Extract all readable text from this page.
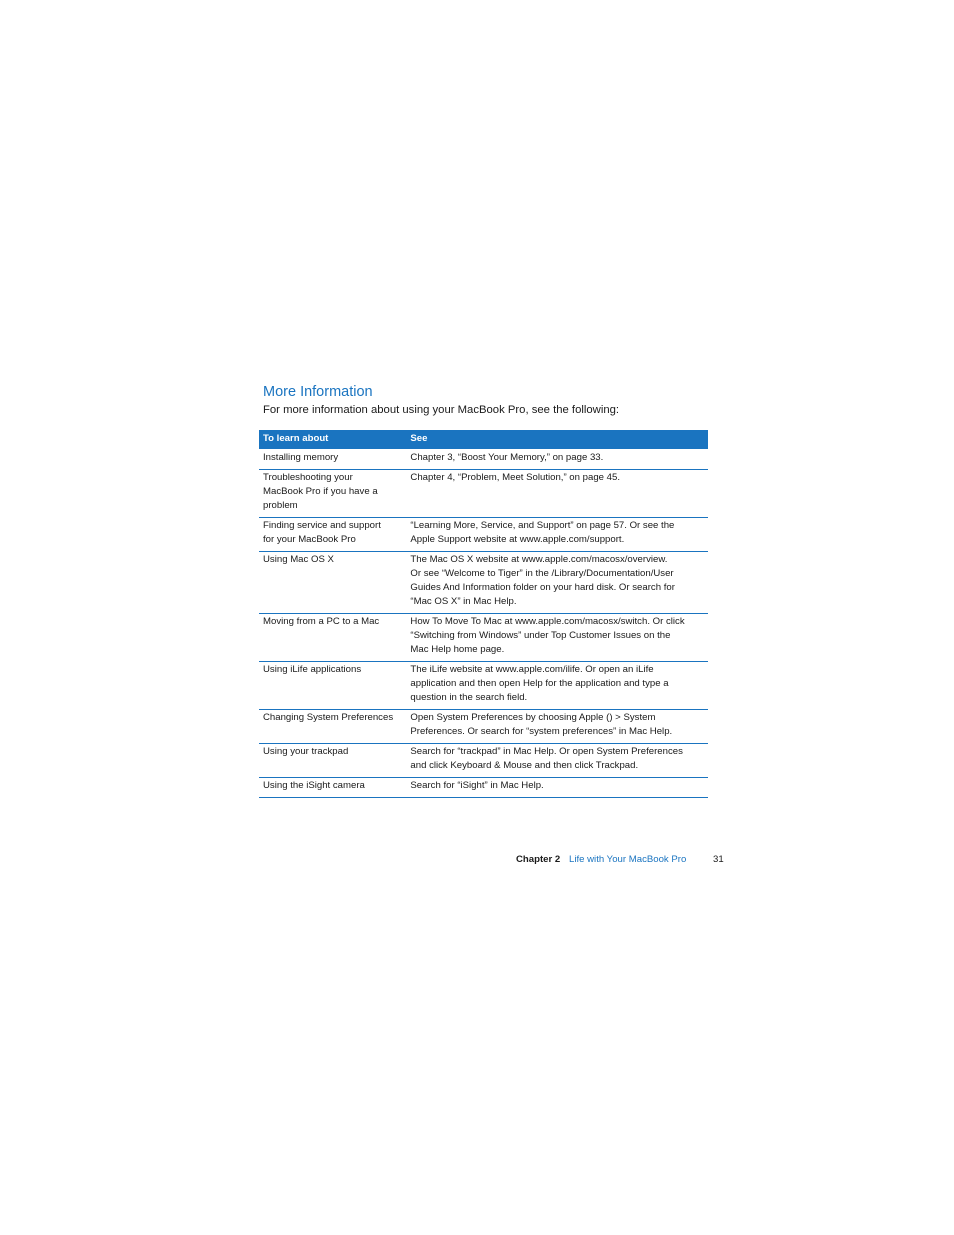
More Information

For more information about using your MacBook Pro, see the following:

To learn about	See
Installing memory	Chapter 3, “Boost Your Memory,” on page 33.
Troubleshooting your
MacBook Pro if you have a
problem	Chapter 4, “Problem, Meet Solution,” on page 45.
Finding service and support
for your MacBook Pro	“Learning More, Service, and Support” on page 57. Or see the
Apple Support website at www.apple.com/support.
Using Mac OS X	The Mac OS X website at www.apple.com/macosx/overview.
Or see “Welcome to Tiger” in the /Library/Documentation/User
Guides And Information folder on your hard disk. Or search for
“Mac OS X” in Mac Help.
Moving from a PC to a Mac	How To Move To Mac at www.apple.com/macosx/switch. Or click
“Switching from Windows” under Top Customer Issues on the
Mac Help home page.
Using iLife applications	The iLife website at www.apple.com/ilife. Or open an iLife
application and then open Help for the application and type a
question in the search field.
Changing System Preferences	Open System Preferences by choosing Apple () > System
Preferences. Or search for “system preferences” in Mac Help.
Using your trackpad	Search for “trackpad” in Mac Help. Or open System Preferences
and click Keyboard & Mouse and then click Trackpad.
Using the iSight camera	Search for “iSight” in Mac Help.
Chapter 2 Life with Your MacBook Pro	31
